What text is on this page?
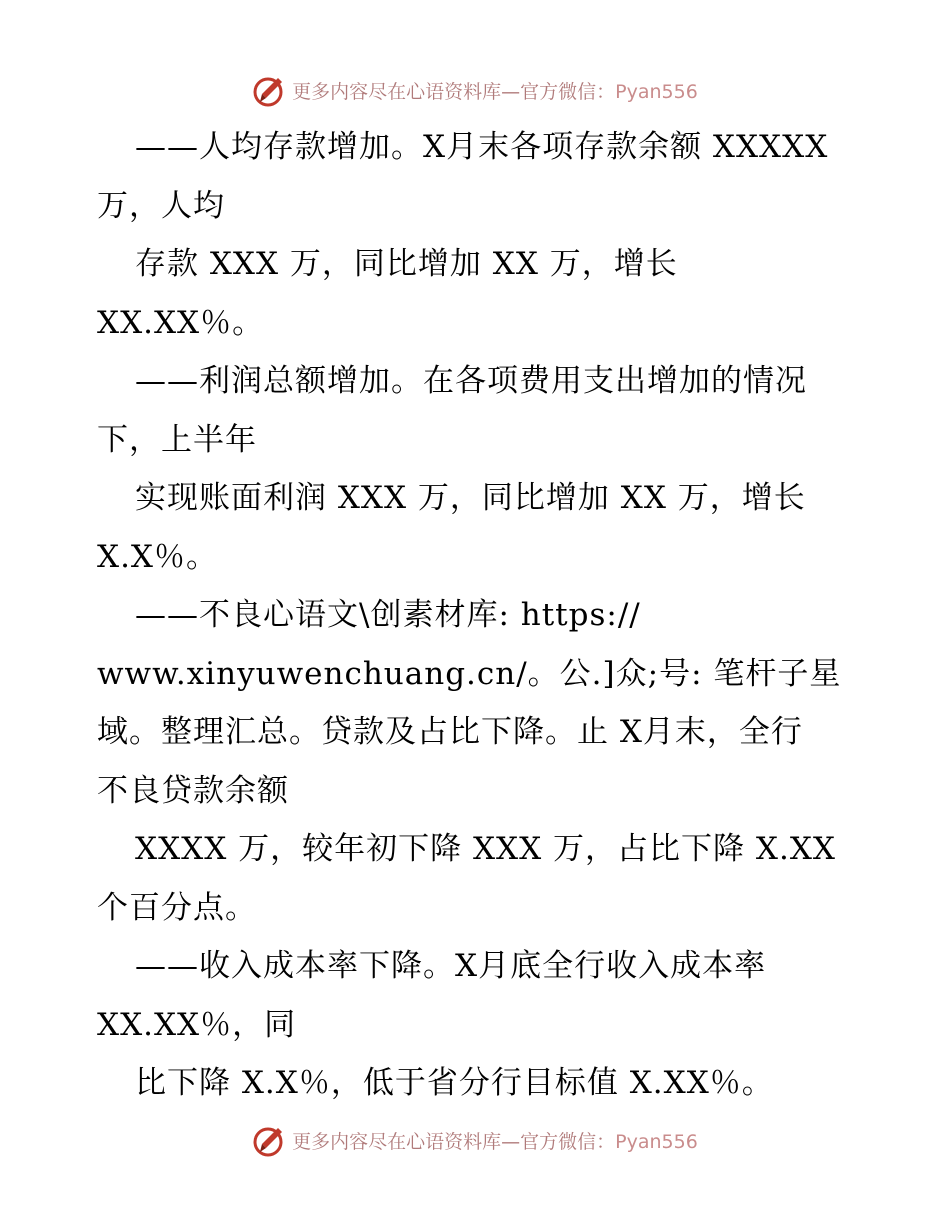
更多内容尽在心语资料库—官方微信：Pyan556
——人均存款增加。X月末各项存款余额 XXXXX
万，人均
存款 XXX 万，同比增加 XX 万，增长
XX.XX％。
——利润总额增加。在各项费用支出增加的情况
下，上半年
实现账面利润 XXX 万，同比增加 XX 万，增长
X.X％。
——不良心语文\创素材库: https://
www.xinyuwenchuang.cn/。公.]众;号: 笔杆子星
域。整理汇总。贷款及占比下降。止 X月末，全行
不良贷款余额
XXXX 万，较年初下降 XXX 万，占比下降 X.XX
个百分点。
——收入成本率下降。X月底全行收入成本率
XX.XX％，同
比下降 X.X％，低于省分行目标值 X.XX％。
更多内容尽在心语资料库—官方微信：Pyan556
